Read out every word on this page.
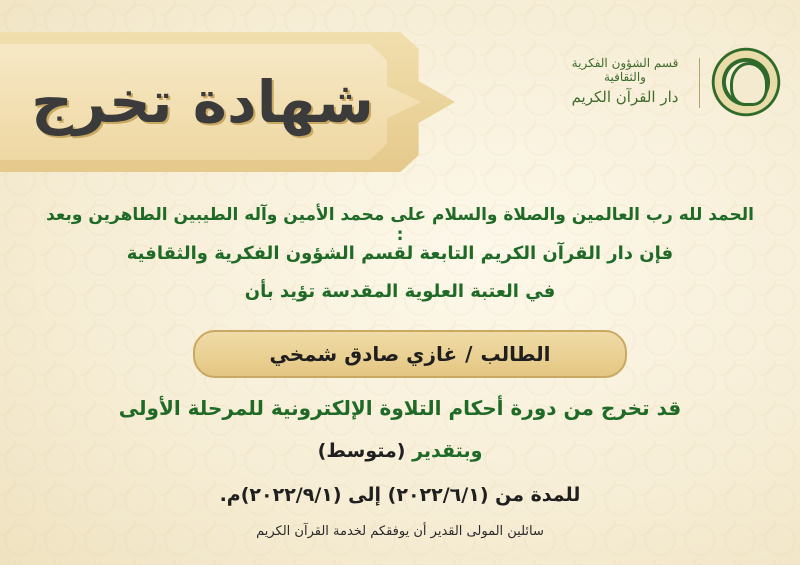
شهادة تخرج
قسم الشؤون الفكرية والثقافية
دار القرآن الكريم
الحمد لله رب العالمين والصلاة والسلام على محمد الأمين وآله الطيبين الطاهرين وبعد :
فإن دار القرآن الكريم التابعة لقسم الشؤون الفكرية والثقافية
في العتبة العلوية المقدسة تؤيد بأن
الطالب
/
غازي صادق شمخي
قد تخرج من دورة أحكام التلاوة الإلكترونية للمرحلة الأولى
وبتقدير (متوسط)
للمدة من (٢٠٢٢/٦/١) إلى (٢٠٢٢/٩/١)م.
سائلين المولى القدير أن يوفقكم لخدمة القرآن الكريم
